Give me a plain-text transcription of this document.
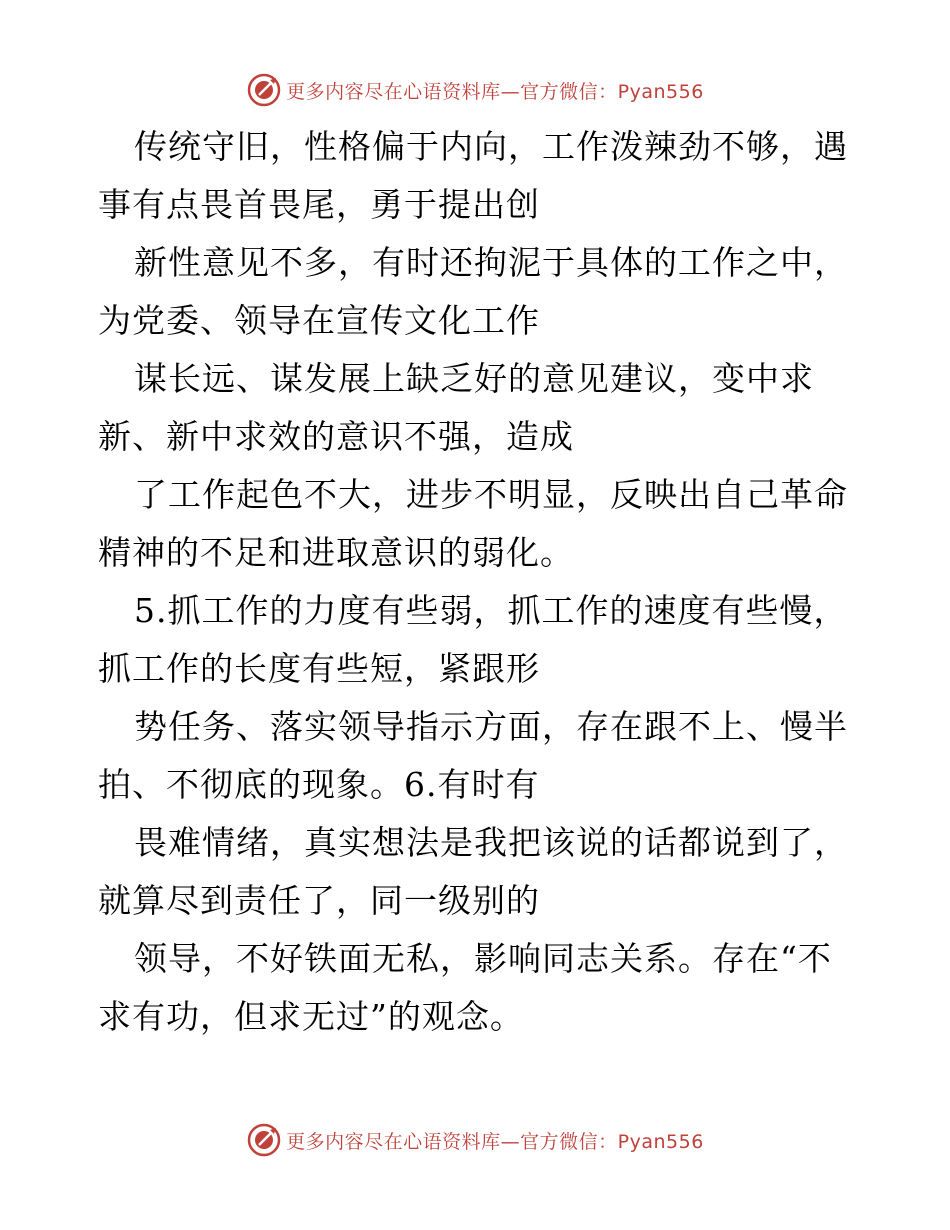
更多内容尽在心语资料库—官方微信：Pyan556
传统守旧，性格偏于内向，工作泼辣劲不够，遇
事有点畏首畏尾，勇于提出创
新性意见不多，有时还拘泥于具体的工作之中，
为党委、领导在宣传文化工作
谋长远、谋发展上缺乏好的意见建议，变中求
新、新中求效的意识不强，造成
了工作起色不大，进步不明显，反映出自己革命
精神的不足和进取意识的弱化。
5.抓工作的力度有些弱，抓工作的速度有些慢，
抓工作的长度有些短，紧跟形
势任务、落实领导指示方面，存在跟不上、慢半
拍、不彻底的现象。6.有时有
畏难情绪，真实想法是我把该说的话都说到了，
就算尽到责任了，同一级别的
领导，不好铁面无私，影响同志关系。存在“不
求有功，但求无过”的观念。
更多内容尽在心语资料库—官方微信：Pyan556
